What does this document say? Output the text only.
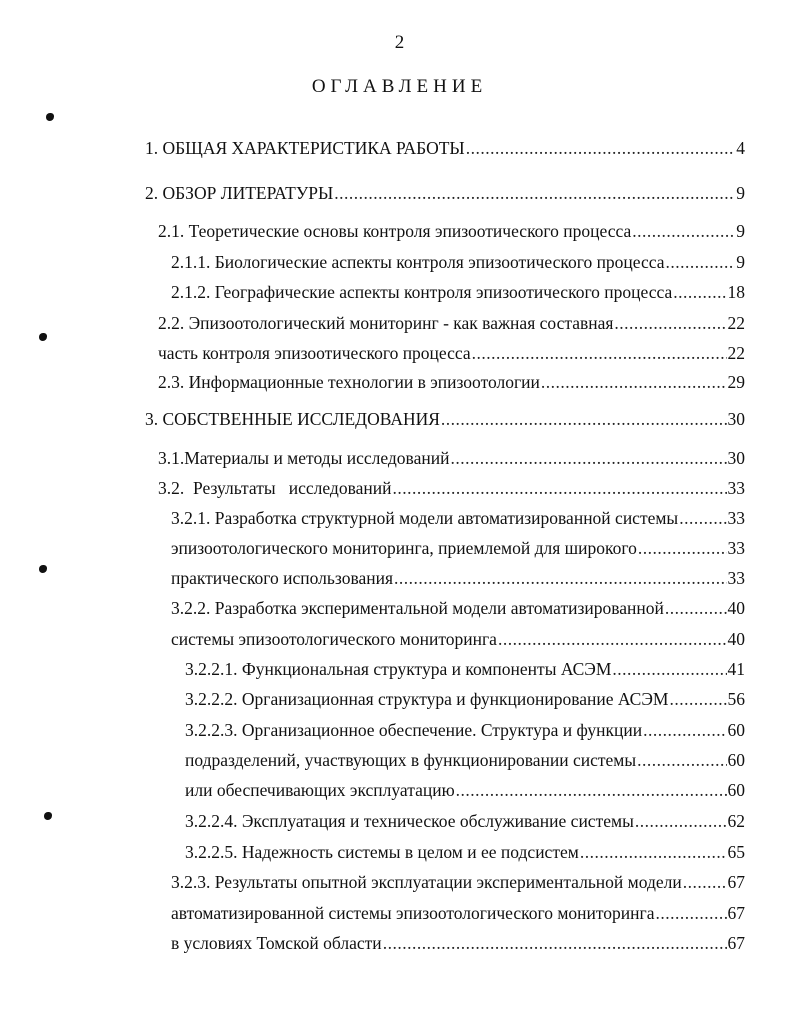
2
ОГЛАВЛЕНИЕ
1. ОБЩАЯ ХАРАКТЕРИСТИКА РАБОТЫ .....	4
2. ОБЗОР ЛИТЕРАТУРЫ .....	9
2.1. Теоретические основы контроля эпизоотического процесса .....	9
2.1.1. Биологические аспекты контроля эпизоотического процесса .....	9
2.1.2. Географические аспекты контроля эпизоотического процесса .....	18
2.2. Эпизоотологический мониторинг - как важная составная .....	22
часть контроля эпизоотического процесса .....	22
2.3. Информационные технологии в эпизоотологии .....	29
3. СОБСТВЕННЫЕ ИССЛЕДОВАНИЯ .....	30
3.1.Материалы и методы исследований .....	30
3.2.  Результаты   исследований .....	33
3.2.1. Разработка структурной модели автоматизированной системы .....	33
эпизоотологического мониторинга, приемлемой для широкого .....	33
практического использования .....	33
3.2.2. Разработка экспериментальной модели автоматизированной .....	40
системы эпизоотологического мониторинга .....	40
3.2.2.1. Функциональная структура и компоненты АСЭМ .....	41
3.2.2.2. Организационная структура и функционирование АСЭМ .....	56
3.2.2.3. Организационное обеспечение. Структура и функции .....	60
подразделений, участвующих в функционировании системы .....	60
или обеспечивающих эксплуатацию .....	60
3.2.2.4. Эксплуатация и техническое обслуживание системы .....	62
3.2.2.5. Надежность системы в целом и ее подсистем .....	65
3.2.3. Результаты опытной эксплуатации экспериментальной модели .....	67
автоматизированной системы эпизоотологического мониторинга .....	67
в условиях Томской области .....	67
